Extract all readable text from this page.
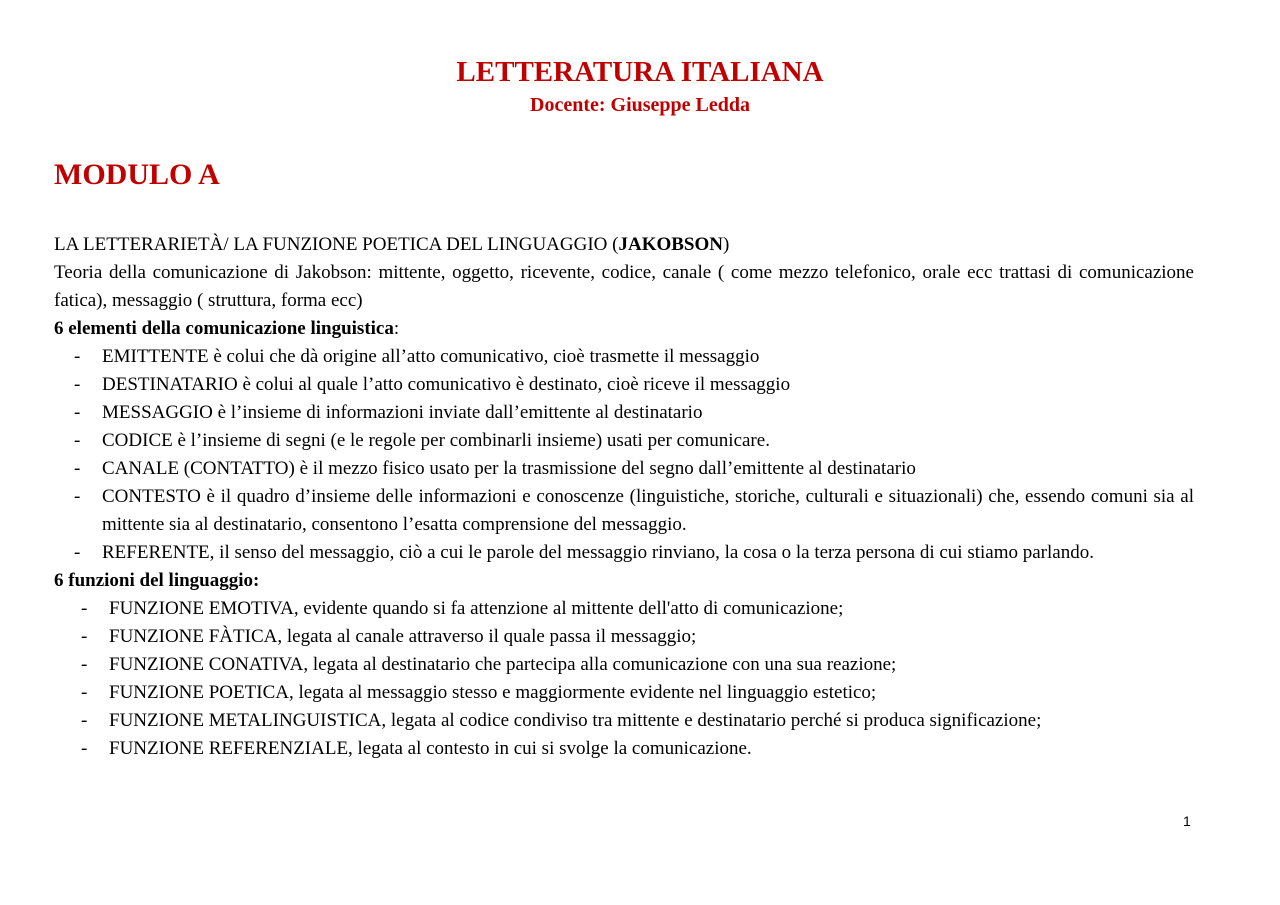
LETTERATURA ITALIANA
Docente: Giuseppe Ledda
MODULO A

LA LETTERARIETÀ/ LA FUNZIONE POETICA DEL LINGUAGGIO (JAKOBSON)

Teoria della comunicazione di Jakobson: mittente, oggetto, ricevente, codice, canale ( come mezzo telefonico, orale ecc trattasi di comunicazione fatica), messaggio ( struttura, forma ecc)

6 elementi della comunicazione linguistica:

- EMITTENTE è colui che dà origine all’atto comunicativo, cioè trasmette il messaggio
- DESTINATARIO è colui al quale l’atto comunicativo è destinato, cioè riceve il messaggio
- MESSAGGIO è l’insieme di informazioni inviate dall’emittente al destinatario
- CODICE è l’insieme di segni (e le regole per combinarli insieme) usati per comunicare.
- CANALE (CONTATTO) è il mezzo fisico usato per la trasmissione del segno dall’emittente al destinatario
- CONTESTO è il quadro d’insieme delle informazioni e conoscenze (linguistiche, storiche, culturali e situazionali) che, essendo comuni sia al mittente sia al destinatario, consentono l’esatta comprensione del messaggio.
- REFERENTE, il senso del messaggio, ciò a cui le parole del messaggio rinviano, la cosa o la terza persona di cui stiamo parlando.

6 funzioni del linguaggio:

- FUNZIONE EMOTIVA, evidente quando si fa attenzione al mittente dell'atto di comunicazione;
- FUNZIONE FÀTICA, legata al canale attraverso il quale passa il messaggio;
- FUNZIONE CONATIVA, legata al destinatario che partecipa alla comunicazione con una sua reazione;
- FUNZIONE POETICA, legata al messaggio stesso e maggiormente evidente nel linguaggio estetico;
- FUNZIONE METALINGUISTICA, legata al codice condiviso tra mittente e destinatario perché si produca significazione;
- FUNZIONE REFERENZIALE, legata al contesto in cui si svolge la comunicazione.
1
